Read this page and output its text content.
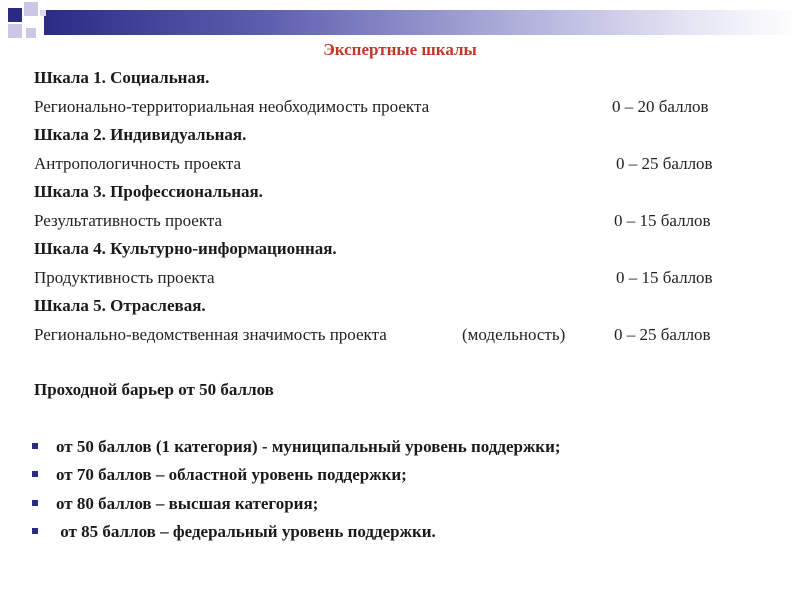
Экспертные шкалы
Шкала 1. Социальная.
Регионально-территориальная необходимость проекта	0 – 20 баллов
Шкала 2. Индивидуальная.
Антропологичность проекта	0 – 25 баллов
Шкала 3. Профессиональная.
Результативность проекта	0 – 15 баллов
Шкала 4. Культурно-информационная.
Продуктивность проекта	0 – 15 баллов
Шкала 5. Отраслевая.
Регионально-ведомственная значимость проекта	(модельность)	0 – 25 баллов
Проходной барьер от 50 баллов
от 50 баллов (1 категория) - муниципальный уровень поддержки;
от 70 баллов – областной уровень поддержки;
от 80 баллов – высшая категория;
от 85 баллов – федеральный уровень поддержки.
